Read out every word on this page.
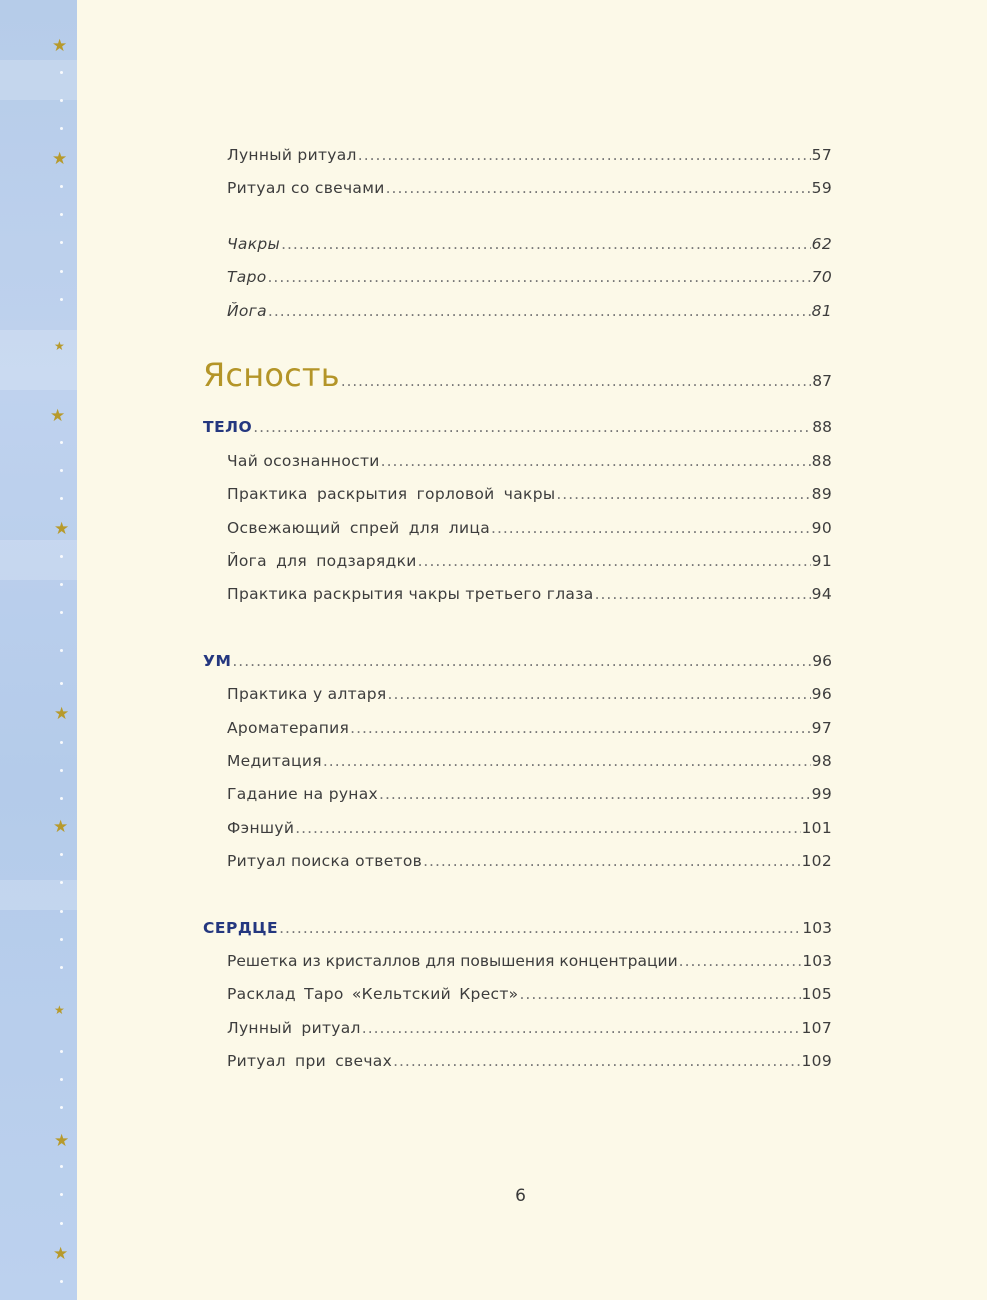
★
★
★
★
★
★
★
★
★
★
Лунный ритуал .....	57
Ритуал со свечами .....	59
Чакры .....	62
Таро .....	70
Йога .....	81
Ясность .....	87
ТЕЛО .....	88
Чай осознанности .....	88
Практика раскрытия горловой чакры .....	89
Освежающий спрей для лица .....	90
Йога для подзарядки .....	91
Практика раскрытия чакры третьего глаза .....	94
УМ .....	96
Практика у алтаря .....	96
Ароматерапия .....	97
Медитация .....	98
Гадание на рунах .....	99
Фэншуй .....	101
Ритуал поиска ответов .....	102
СЕРДЦЕ .....	103
Решетка из кристаллов для повышения концентрации .....	103
Расклад Таро «Кельтский Крест» .....	105
Лунный ритуал .....	107
Ритуал при свечах .....	109
6
